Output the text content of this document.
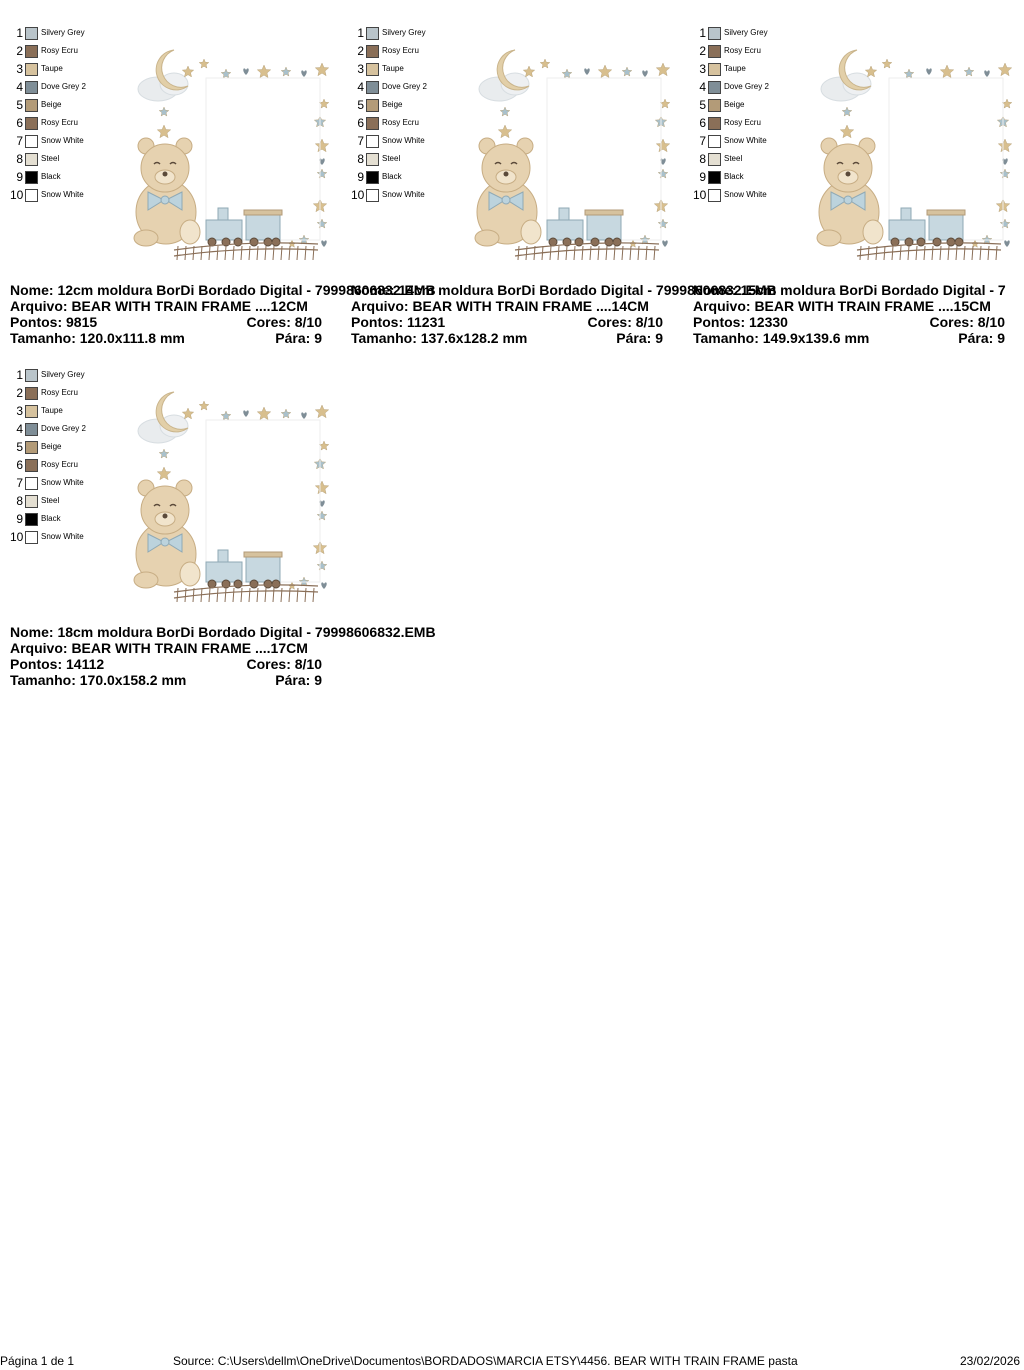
1 Silvery Grey
2 Rosy Ecru
3 Taupe
4 Dove Grey 2
5 Beige
6 Rosy Ecru
7 Snow White
8 Steel
9 Black
10 Snow White
Nome: 12cm moldura BorDi Bordado Digital - 79998606832.EMB
Arquivo: BEAR WITH TRAIN FRAME ....12CM
Pontos: 9815	Cores: 8/10
Tamanho: 120.0x111.8 mm	Pára: 9
1 Silvery Grey
2 Rosy Ecru
3 Taupe
4 Dove Grey 2
5 Beige
6 Rosy Ecru
7 Snow White
8 Steel
9 Black
10 Snow White
Nome: 14cm moldura BorDi Bordado Digital - 79998606832.EMB
Arquivo: BEAR WITH TRAIN FRAME ....14CM
Pontos: 11231	Cores: 8/10
Tamanho: 137.6x128.2 mm	Pára: 9
1 Silvery Grey
2 Rosy Ecru
3 Taupe
4 Dove Grey 2
5 Beige
6 Rosy Ecru
7 Snow White
8 Steel
9 Black
10 Snow White
Nome: 15cm moldura BorDi Bordado Digital - 7
Arquivo: BEAR WITH TRAIN FRAME ....15CM
Pontos: 12330	Cores: 8/10
Tamanho: 149.9x139.6 mm	Pára: 9
1 Silvery Grey
2 Rosy Ecru
3 Taupe
4 Dove Grey 2
5 Beige
6 Rosy Ecru
7 Snow White
8 Steel
9 Black
10 Snow White
Nome: 18cm moldura BorDi Bordado Digital - 79998606832.EMB
Arquivo: BEAR WITH TRAIN FRAME ....17CM
Pontos: 14112	Cores: 8/10
Tamanho: 170.0x158.2 mm	Pára: 9
Página 1 de 1	Source: C:\Users\dellm\OneDrive\Documentos\BORDADOS\MARCIA ETSY\4456. BEAR WITH TRAIN FRAME pasta	23/02/2026
